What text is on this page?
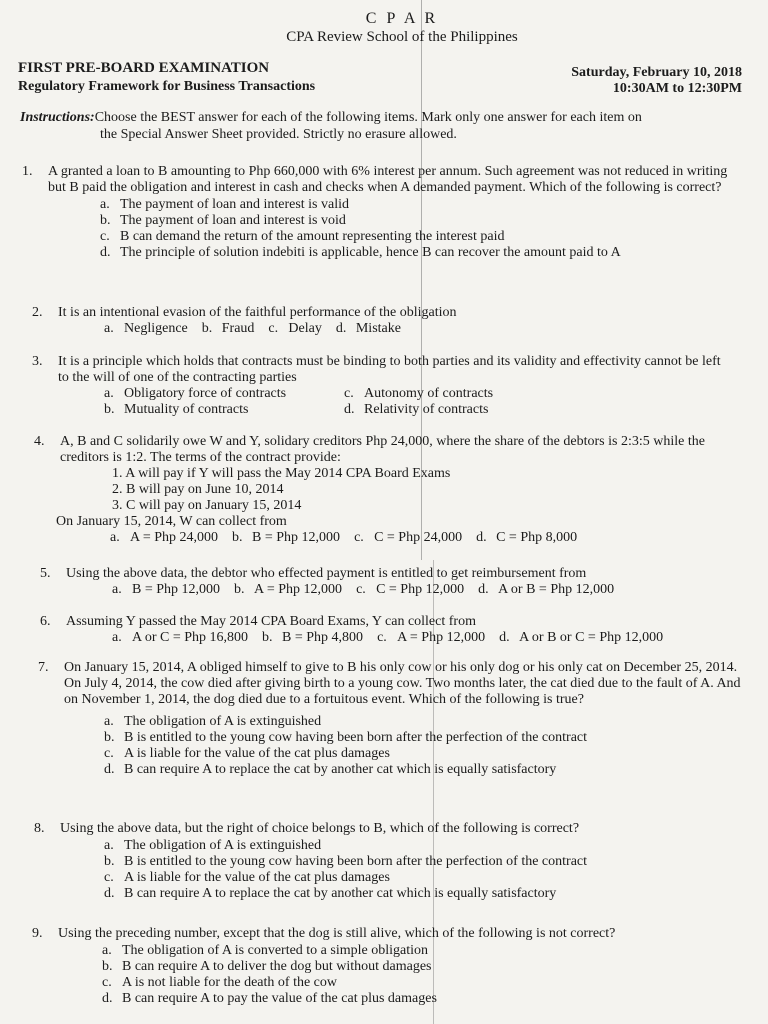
C P A R
CPA Review School of the Philippines
FIRST PRE-BOARD EXAMINATION
Regulatory Framework for Business Transactions
Saturday, February 10, 2018
10:30AM to 12:30PM
Instructions:Choose the BEST answer for each of the following items. Mark only one answer for each item on
the Special Answer Sheet provided. Strictly no erasure allowed.
1. A granted a loan to B amounting to Php 660,000 with 6% interest per annum. Such agreement was not reduced in writing but B paid the obligation and interest in cash and checks when A demanded payment. Which of the following is correct?
a. The payment of loan and interest is valid
b. The payment of loan and interest is void
c. B can demand the return of the amount representing the interest paid
d. The principle of solution indebiti is applicable, hence B can recover the amount paid to A
2. It is an intentional evasion of the faithful performance of the obligation
a. Negligence b. Fraud c. Delay d. Mistake
3. It is a principle which holds that contracts must be binding to both parties and its validity and effectivity cannot be left to the will of one of the contracting parties
a. Obligatory force of contracts	c. Autonomy of contracts
b. Mutuality of contracts	d. Relativity of contracts
4. A, B and C solidarily owe W and Y, solidary creditors Php 24,000, where the share of the debtors is 2:3:5 while the creditors is 1:2. The terms of the contract provide:
1. A will pay if Y will pass the May 2014 CPA Board Exams
2. B will pay on June 10, 2014
3. C will pay on January 15, 2014
On January 15, 2014, W can collect from
a. A = Php 24,000 b. B = Php 12,000 c. C = Php 24,000 d. C = Php 8,000
5. Using the above data, the debtor who effected payment is entitled to get reimbursement from
a. B = Php 12,000 b. A = Php 12,000 c. C = Php 12,000 d. A or B = Php 12,000
6. Assuming Y passed the May 2014 CPA Board Exams, Y can collect from
a. A or C = Php 16,800 b. B = Php 4,800 c. A = Php 12,000 d. A or B or C = Php 12,000
7. On January 15, 2014, A obliged himself to give to B his only cow or his only dog or his only cat on December 25, 2014. On July 4, 2014, the cow died after giving birth to a young cow. Two months later, the cat died due to the fault of A. And on November 1, 2014, the dog died due to a fortuitous event. Which of the following is true?
a. The obligation of A is extinguished
b. B is entitled to the young cow having been born after the perfection of the contract
c. A is liable for the value of the cat plus damages
d. B can require A to replace the cat by another cat which is equally satisfactory
8. Using the above data, but the right of choice belongs to B, which of the following is correct?
a. The obligation of A is extinguished
b. B is entitled to the young cow having been born after the perfection of the contract
c. A is liable for the value of the cat plus damages
d. B can require A to replace the cat by another cat which is equally satisfactory
9. Using the preceding number, except that the dog is still alive, which of the following is not correct?
a. The obligation of A is converted to a simple obligation
b. B can require A to deliver the dog but without damages
c. A is not liable for the death of the cow
d. B can require A to pay the value of the cat plus damages
